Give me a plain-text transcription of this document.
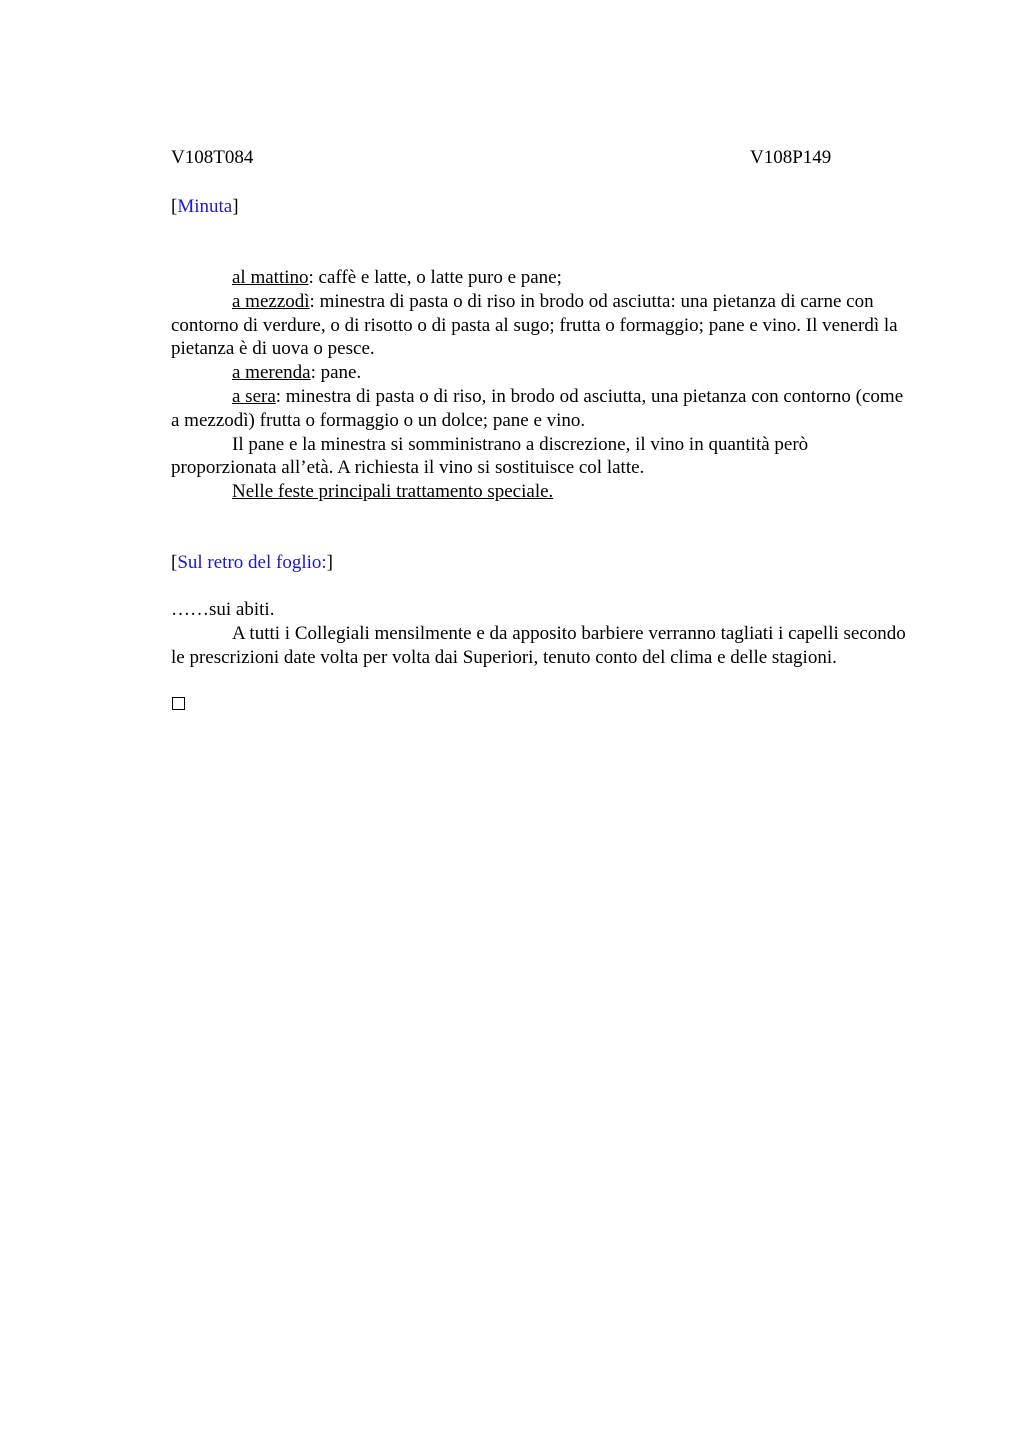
V108T084	V108P149
[Minuta]

al mattino: caffè e latte, o latte puro e pane;

a mezzodì: minestra di pasta o di riso in brodo od asciutta: una pietanza di carne con contorno di verdure, o di risotto o di pasta al sugo; frutta o formaggio; pane e vino. Il venerdì la pietanza è di uova o pesce.

a merenda: pane.

a sera: minestra di pasta o di riso, in brodo od asciutta, una pietanza con contorno (come a mezzodì) frutta o formaggio o un dolce; pane e vino.

Il pane e la minestra si somministrano a discrezione, il vino in quantità però proporzionata all’età. A richiesta il vino si sostituisce col latte.

Nelle feste principali trattamento speciale.

[Sul retro del foglio:]

……sui abiti.

A tutti i Collegiali mensilmente e da apposito barbiere verranno tagliati i capelli secondo le prescrizioni date volta per volta dai Superiori, tenuto conto del clima e delle stagioni.
